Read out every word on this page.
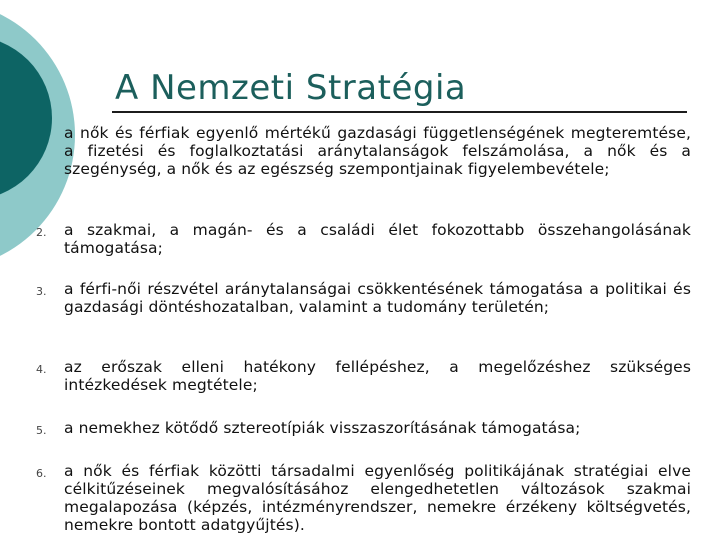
A Nemzeti Stratégia
a nők és férfiak egyenlő mértékű gazdasági függetlenségének megteremtése, a fizetési és foglalkoztatási aránytalanságok felszámolása, a nők és a szegénység, a nők és az egészség szempontjainak figyelembevétele;
2.	a szakmai, a magán- és a családi élet fokozottabb összehangolásának támogatása;
3.	a férfi-női részvétel aránytalanságai csökkentésének támogatása a politikai és gazdasági döntéshozatalban, valamint a tudomány területén;
4.	az erőszak elleni hatékony fellépéshez, a megelőzéshez szükséges intézkedések megtétele;
5.	a nemekhez kötődő sztereotípiák visszaszorításának támogatása;
6.	a nők és férfiak közötti társadalmi egyenlőség politikájának stratégiai elve célkitűzéseinek megvalósításához elengedhetetlen változások szakmai megalapozása (képzés, intézményrendszer, nemekre érzékeny költségvetés, nemekre bontott adatgyűjtés).
